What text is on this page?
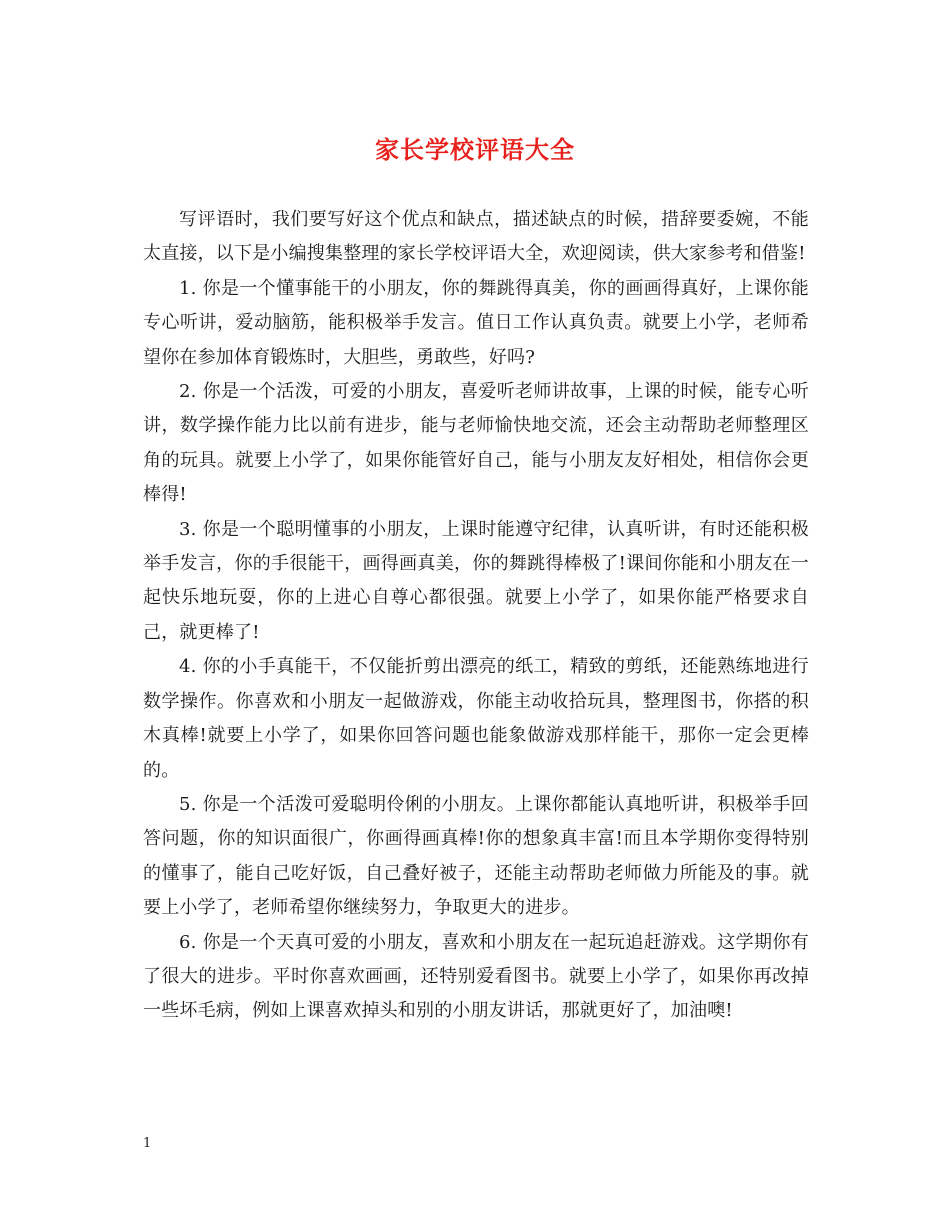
家长学校评语大全

写评语时，我们要写好这个优点和缺点，描述缺点的时候，措辞要委婉，不能太直接，以下是小编搜集整理的家长学校评语大全，欢迎阅读，供大家参考和借鉴!

1. 你是一个懂事能干的小朋友，你的舞跳得真美，你的画画得真好，上课你能专心听讲，爱动脑筋，能积极举手发言。值日工作认真负责。就要上小学，老师希望你在参加体育锻炼时，大胆些，勇敢些，好吗?

2. 你是一个活泼，可爱的小朋友，喜爱听老师讲故事，上课的时候，能专心听讲，数学操作能力比以前有进步，能与老师愉快地交流，还会主动帮助老师整理区角的玩具。就要上小学了，如果你能管好自己，能与小朋友友好相处，相信你会更棒得!

3. 你是一个聪明懂事的小朋友，上课时能遵守纪律，认真听讲，有时还能积极举手发言，你的手很能干，画得画真美，你的舞跳得棒极了!课间你能和小朋友在一起快乐地玩耍，你的上进心自尊心都很强。就要上小学了，如果你能严格要求自己，就更棒了!

4. 你的小手真能干，不仅能折剪出漂亮的纸工，精致的剪纸，还能熟练地进行数学操作。你喜欢和小朋友一起做游戏，你能主动收拾玩具，整理图书，你搭的积木真棒!就要上小学了，如果你回答问题也能象做游戏那样能干，那你一定会更棒的。

5. 你是一个活泼可爱聪明伶俐的小朋友。上课你都能认真地听讲，积极举手回答问题，你的知识面很广，你画得画真棒!你的想象真丰富!而且本学期你变得特别的懂事了，能自己吃好饭，自己叠好被子，还能主动帮助老师做力所能及的事。就要上小学了，老师希望你继续努力，争取更大的进步。

6. 你是一个天真可爱的小朋友，喜欢和小朋友在一起玩追赶游戏。这学期你有了很大的进步。平时你喜欢画画，还特别爱看图书。就要上小学了，如果你再改掉一些坏毛病，例如上课喜欢掉头和别的小朋友讲话，那就更好了，加油噢!

1
